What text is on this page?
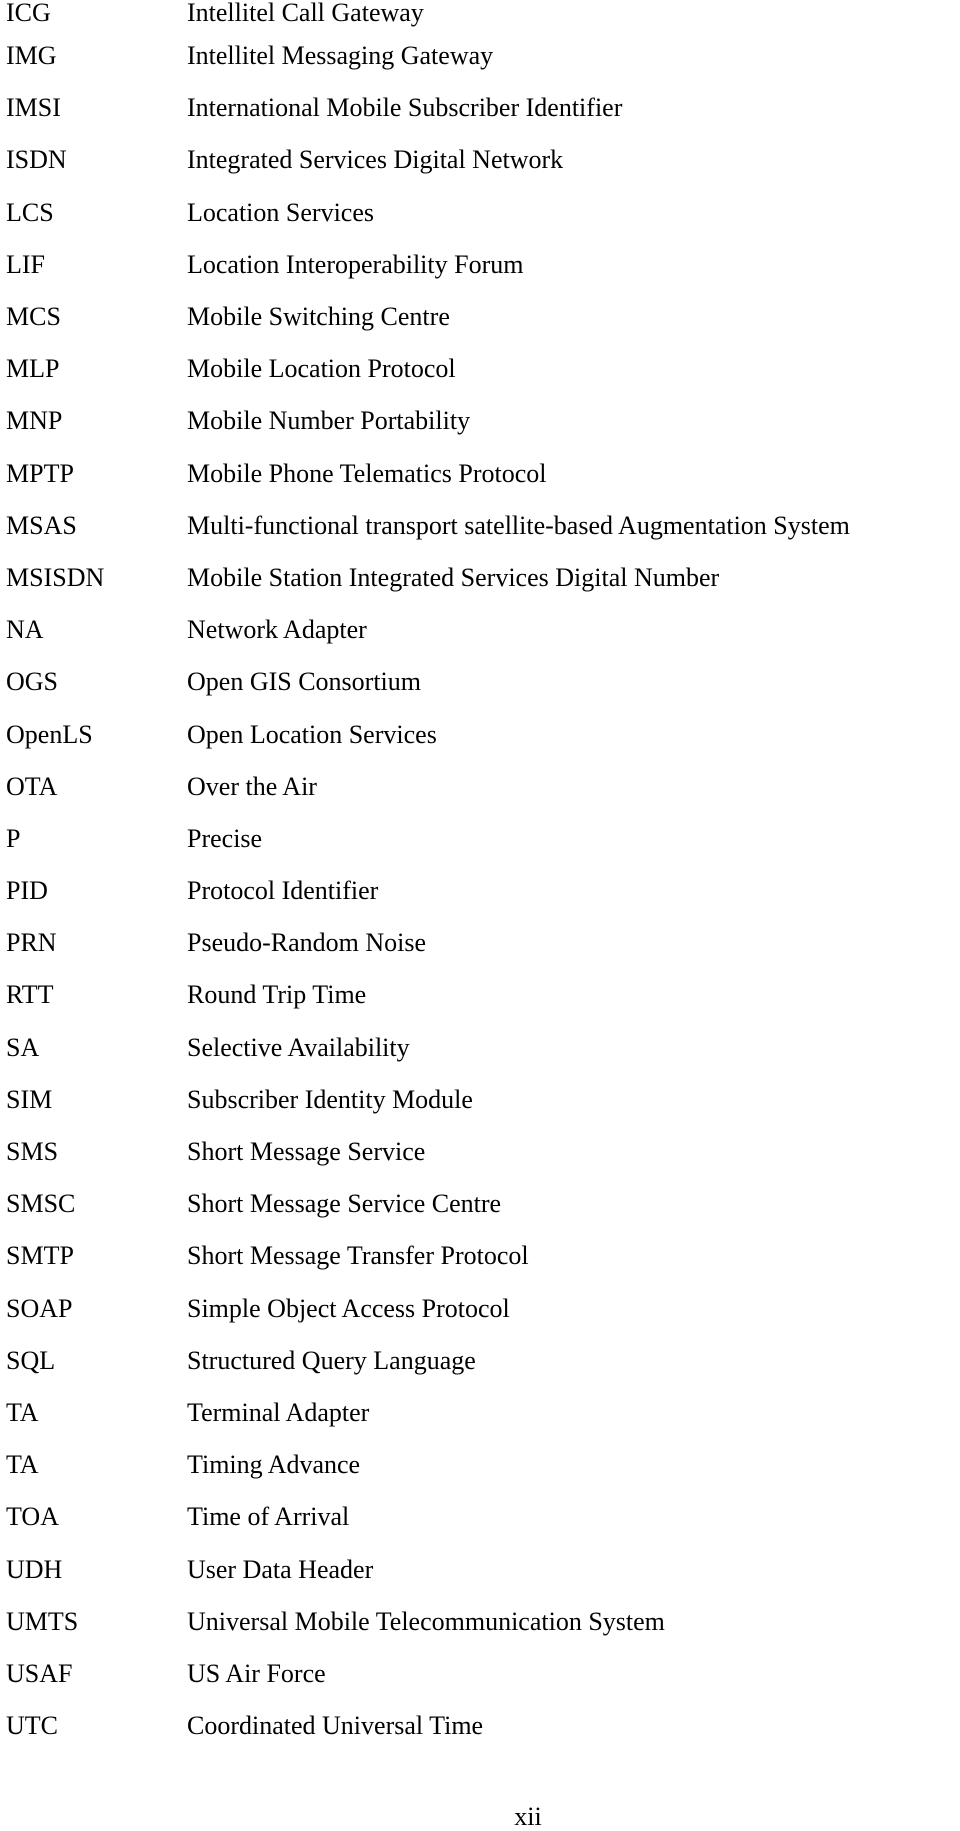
ICG	Intellitel Call Gateway
IMG	Intellitel Messaging Gateway
IMSI	International Mobile Subscriber Identifier
ISDN	Integrated Services Digital Network
LCS	Location Services
LIF	Location Interoperability Forum
MCS	Mobile Switching Centre
MLP	Mobile Location Protocol
MNP	Mobile Number Portability
MPTP	Mobile Phone Telematics Protocol
MSAS	Multi-functional transport satellite-based Augmentation System
MSISDN	Mobile Station Integrated Services Digital Number
NA	Network Adapter
OGS	Open GIS Consortium
OpenLS	Open Location Services
OTA	Over the Air
P	Precise
PID	Protocol Identifier
PRN	Pseudo-Random Noise
RTT	Round Trip Time
SA	Selective Availability
SIM	Subscriber Identity Module
SMS	Short Message Service
SMSC	Short Message Service Centre
SMTP	Short Message Transfer Protocol
SOAP	Simple Object Access Protocol
SQL	Structured Query Language
TA	Terminal Adapter
TA	Timing Advance
TOA	Time of Arrival
UDH	User Data Header
UMTS	Universal Mobile Telecommunication System
USAF	US Air Force
UTC	Coordinated Universal Time
xii
